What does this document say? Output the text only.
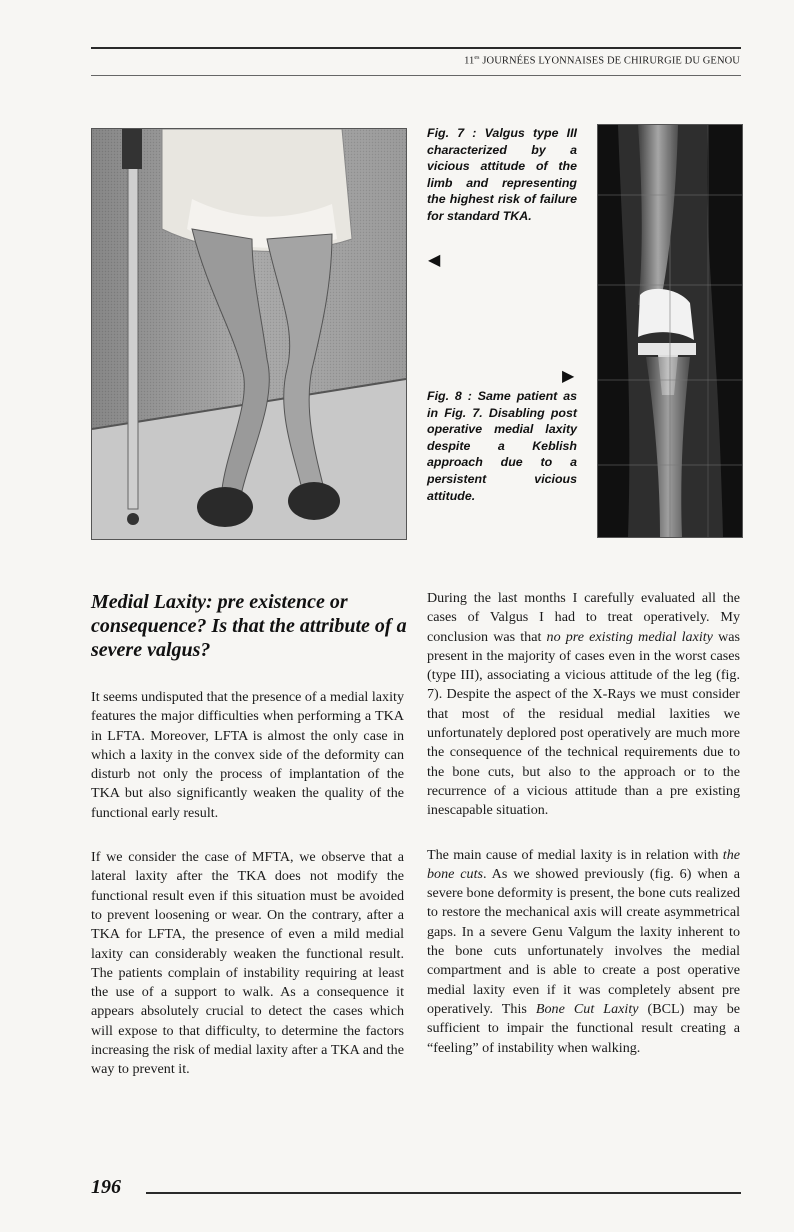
$11^{es}$ JOURNÉES LYONNAISES DE CHIRURGIE DU GENOU
Fig. 7 : Valgus type III characterized by a vicious attitude of the limb and representing the highest risk of failure for standard TKA.
◀
▶
Fig. 8 : Same patient as in Fig. 7. Disabling post operative medial laxity despite a Keblish approach due to a persistent vicious attitude.
Medial Laxity: pre existence or consequence? Is that the attribute of a severe valgus?

It seems undisputed that the presence of a medial laxity features the major difficulties when performing a TKA in LFTA. Moreover, LFTA is almost the only case in which a laxity in the convex side of the deformity can disturb not only the process of implantation of the TKA but also significantly weaken the quality of the functional early result.

If we consider the case of MFTA, we observe that a lateral laxity after the TKA does not modify the functional result even if this situation must be avoided to prevent loosening or wear. On the contrary, after a TKA for LFTA, the presence of even a mild medial laxity can considerably weaken the functional result. The patients complain of instability requiring at least the use of a support to walk. As a consequence it appears absolutely crucial to detect the cases which will expose to that difficulty, to determine the factors increasing the risk of medial laxity after a TKA and the way to prevent it.

During the last months I carefully evaluated all the cases of Valgus I had to treat operatively. My conclusion was that no pre existing medial laxity was present in the majority of cases even in the worst cases (type III), associating a vicious attitude of the leg (fig. 7). Despite the aspect of the X-Rays we must consider that most of the residual medial laxities we unfortunately deplored post operatively are much more the consequence of the technical requirements due to the bone cuts, but also to the approach or to the recurrence of a vicious attitude than a pre existing inescapable situation.

The main cause of medial laxity is in relation with the bone cuts. As we showed previously (fig. 6) when a severe bone deformity is present, the bone cuts realized to restore the mechanical axis will create asymmetrical gaps. In a severe Genu Valgum the laxity inherent to the bone cuts unfortunately involves the medial compartment and is able to create a post operative medial laxity even if it was completely absent pre operatively. This Bone Cut Laxity (BCL) may be sufficient to impair the functional result creating a “feeling” of instability when walking.

196
